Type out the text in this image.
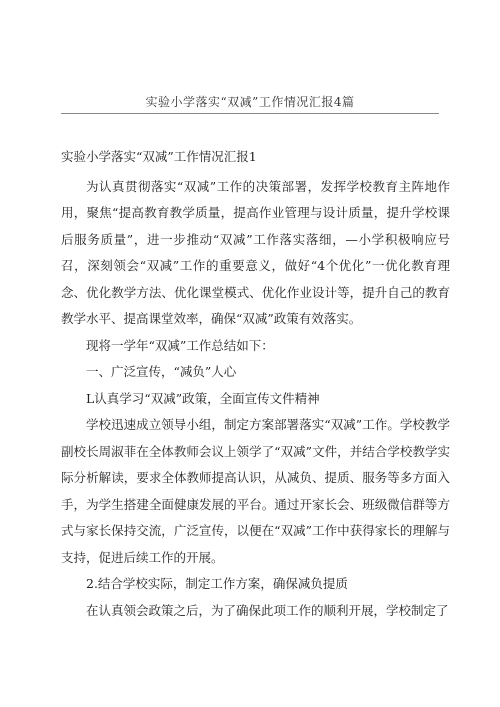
实验小学落实“双减”工作情况汇报4篇

实验小学落实“双减”工作情况汇报1

为认真贯彻落实“双减”工作的决策部署，发挥学校教育主阵地作用，聚焦“提高教育教学质量，提高作业管理与设计质量，提升学校课后服务质量”，进一步推动“双减”工作落实落细，—小学积极响应号召，深刻领会“双减”工作的重要意义，做好“4个优化”一优化教育理念、优化教学方法、优化课堂模式、优化作业设计等，提升自己的教育教学水平、提高课堂效率，确保“双减”政策有效落实。

现将一学年“双减”工作总结如下：

一、广泛宣传，“减负”人心

L认真学习“双减”政策，全面宣传文件精神

学校迅速成立领导小组，制定方案部署落实“双减”工作。学校教学副校长周淑菲在全体教师会议上领学了“双减”文件，并结合学校教学实际分析解读，要求全体教师提高认识，从减负、提质、服务等多方面入手，为学生搭建全面健康发展的平台。通过开家长会、班级微信群等方式与家长保持交流，广泛宣传，以便在“双减”工作中获得家长的理解与支持，促进后续工作的开展。

2.结合学校实际，制定工作方案，确保减负提质

在认真领会政策之后，为了确保此项工作的顺利开展，学校制定了
